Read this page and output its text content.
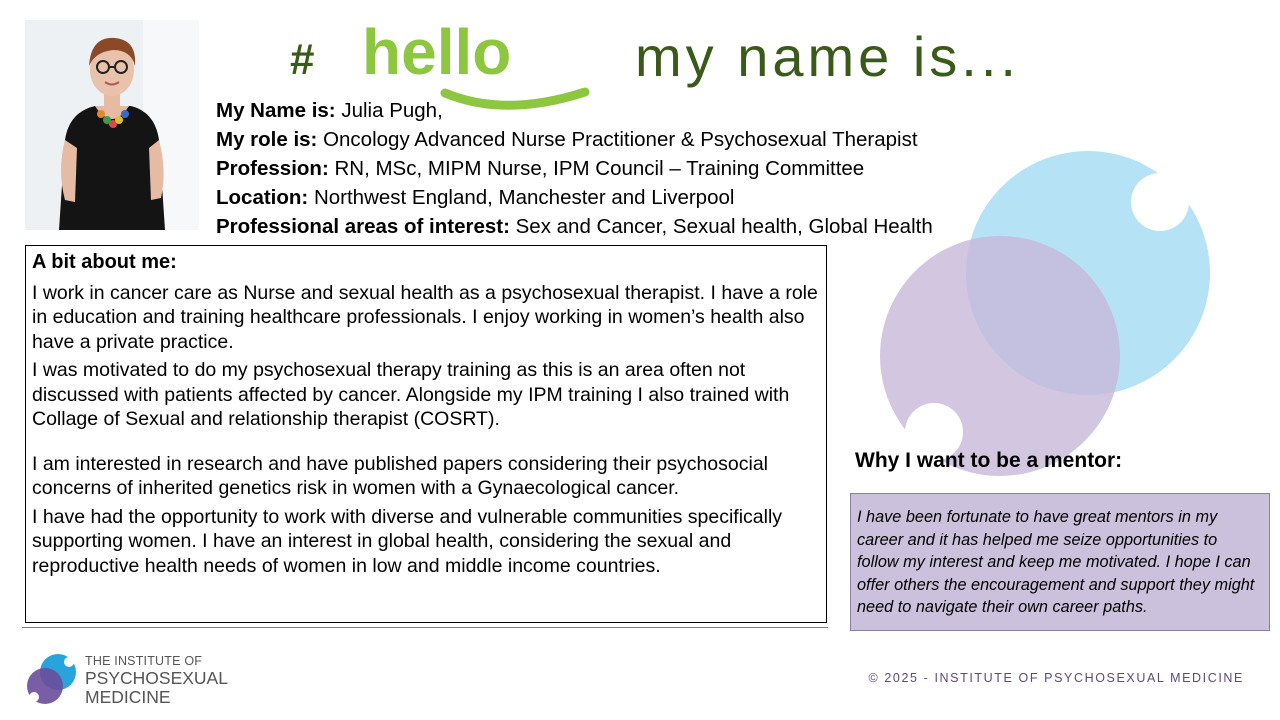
# hello my name is...
My Name is: Julia Pugh,
My role is: Oncology Advanced Nurse Practitioner & Psychosexual Therapist
Profession: RN, MSc, MIPM Nurse, IPM Council – Training Committee
Location: Northwest England, Manchester and Liverpool
Professional areas of interest: Sex and Cancer, Sexual health, Global Health
A bit about me:

I work in cancer care as Nurse and sexual health as a psychosexual therapist. I have a role in education and training healthcare professionals. I enjoy working in women’s health also have a private practice.

I was motivated to do my psychosexual therapy training as this is an area often not discussed with patients affected by cancer. Alongside my IPM training I also trained with Collage of Sexual and relationship therapist (COSRT).

I am interested in research and have published papers considering their psychosocial concerns of inherited genetics risk in women with a Gynaecological cancer.

I have had the opportunity to work with diverse and vulnerable communities specifically supporting women. I have an interest in global health, considering the sexual and reproductive health needs of women in low and middle income countries.

Why I want to be a mentor:
I have been fortunate to have great mentors in my career and it has helped me seize opportunities to follow my interest and keep me motivated. I hope I can offer others the encouragement and support they might need to navigate their own career paths.
THE INSTITUTE OF
PSYCHOSEXUAL
MEDICINE
© 2025 - INSTITUTE OF PSYCHOSEXUAL MEDICINE
